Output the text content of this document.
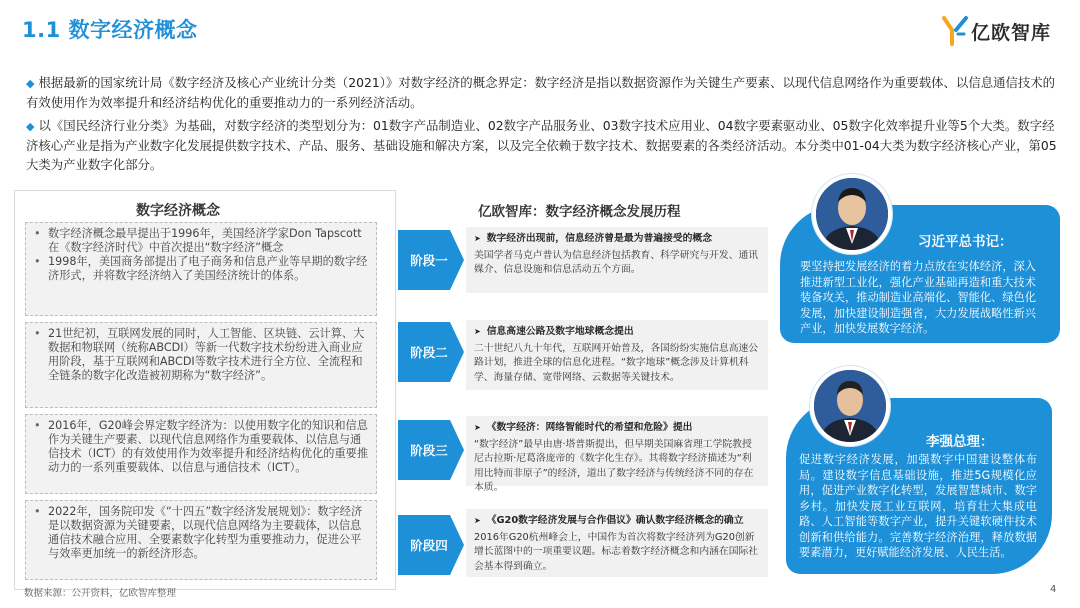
1.1 数字经济概念	亿欧智库
◆ 根据最新的国家统计局《数字经济及核心产业统计分类（2021）》对数字经济的概念界定：数字经济是指以数据资源作为关键生产要素、以现代信息网络作为重要载体、以信息通信技术的有效使用作为效率提升和经济结构优化的重要推动力的一系列经济活动。
◆ 以《国民经济行业分类》为基础，对数字经济的类型划分为：01数字产品制造业、02数字产品服务业、03数字技术应用业、04数字要素驱动业、05数字化效率提升业等5个大类。数字经济核心产业是指为产业数字化发展提供数字技术、产品、服务、基础设施和解决方案，以及完全依赖于数字技术、数据要素的各类经济活动。本分类中01-04大类为数字经济核心产业，第05大类为产业数字化部分。
数字经济概念
• 数字经济概念最早提出于1996年，美国经济学家Don Tapscott在《数字经济时代》中首次提出“数字经济”概念
• 1998年，美国商务部提出了电子商务和信息产业等早期的数字经济形式，并将数字经济纳入了美国经济统计的体系。
• 21世纪初，互联网发展的同时，人工智能、区块链、云计算、大数据和物联网（统称ABCDI）等新一代数字技术纷纷进入商业应用阶段，基于互联网和ABCDI等数字技术进行全方位、全流程和全链条的数字化改造被初期称为“数字经济”。
• 2016年，G20峰会界定数字经济为：以使用数字化的知识和信息作为关键生产要素、以现代信息网络作为重要载体、以信息与通信技术（ICT）的有效使用作为效率提升和经济结构优化的重要推动力的一系列重要载体、以信息与通信技术（ICT）。
• 2022年，国务院印发《“十四五”数字经济发展规划》：数字经济是以数据资源为关键要素，以现代信息网络为主要载体，以信息通信技术融合应用、全要素数字化转型为重要推动力，促进公平与效率更加统一的新经济形态。
亿欧智库：数字经济概念发展历程
阶段一
➤ 数字经济出现前，信息经济曾是最为普遍接受的概念
美国学者马克卢普认为信息经济包括教育、科学研究与开发、通讯媒介、信息设施和信息活动五个方面。
阶段二
➤ 信息高速公路及数字地球概念提出
二十世纪八九十年代，互联网开始普及，各国纷纷实施信息高速公路计划，推进全球的信息化进程。“数字地球”概念涉及计算机科学、海量存储、宽带网络、云数据等关键技术。
阶段三
➤ 《数字经济：网络智能时代的希望和危险》提出
“数字经济”最早由唐·塔普斯提出，但早期美国麻省理工学院教授尼古拉斯·尼葛洛庞帝的《数字化生存》。其将数字经济描述为“利用比特而非原子”的经济，道出了数字经济与传统经济不同的存在本质。
阶段四
➤ 《G20数字经济发展与合作倡议》确认数字经济概念的确立
2016年G20杭州峰会上，中国作为首次将数字经济列为G20创新增长蓝图中的一项重要议题。标志着数字经济概念和内涵在国际社会基本得到确立。
习近平总书记：
要坚持把发展经济的着力点放在实体经济，深入推进新型工业化，强化产业基础再造和重大技术装备攻关，推动制造业高端化、智能化、绿色化发展，加快建设制造强省，大力发展战略性新兴产业，加快发展数字经济。
李强总理：
促进数字经济发展，加强数字中国建设整体布局。建设数字信息基础设施，推进5G规模化应用，促进产业数字化转型，发展智慧城市、数字乡村。加快发展工业互联网，培育壮大集成电路、人工智能等数字产业，提升关键软硬件技术创新和供给能力。完善数字经济治理，释放数据要素潜力，更好赋能经济发展、人民生活。
数据来源：公开资料，亿欧智库整理	4
